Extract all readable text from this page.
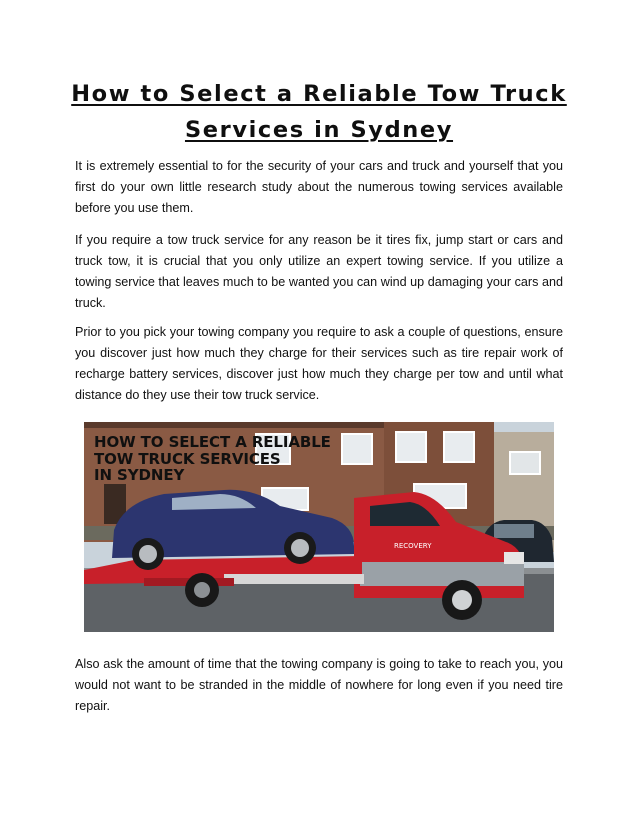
How to Select a Reliable Tow Truck Services in Sydney

It is extremely essential to for the security of your cars and truck and yourself that you first do your own little research study about the numerous towing services available before you use them.

If you require a tow truck service for any reason be it tires fix, jump start or cars and truck tow, it is crucial that you only utilize an expert towing service. If you utilize a towing service that leaves much to be wanted you can wind up damaging your cars and truck.

Prior to you pick your towing company you require to ask a couple of questions, ensure you discover just how much they charge for their services such as tire repair work of recharge battery services, discover just how much they charge per tow and until what distance do they use their tow truck service.

RECOVERY

HOW TO SELECT A RELIABLE
TOW TRUCK SERVICES
IN SYDNEY

Also ask the amount of time that the towing company is going to take to reach you, you would not want to be stranded in the middle of nowhere for long even if you need tire repair.
